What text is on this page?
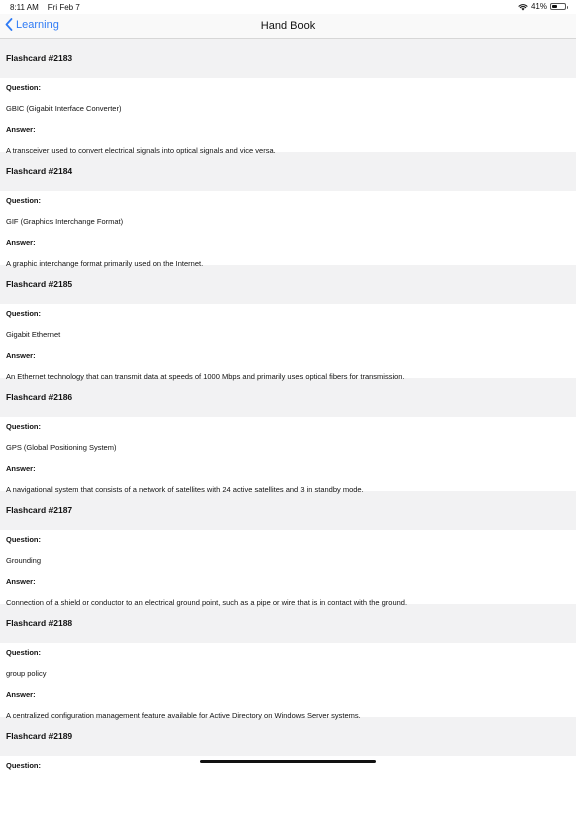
8:11 AM Fri Feb 7	41%
Learning	Hand Book
Flashcard #2183
Question:
GBIC (Gigabit Interface Converter)
Answer:
A transceiver used to convert electrical signals into optical signals and vice versa.
Flashcard #2184
Question:
GIF (Graphics Interchange Format)
Answer:
A graphic interchange format primarily used on the Internet.
Flashcard #2185
Question:
Gigabit Ethernet
Answer:
An Ethernet technology that can transmit data at speeds of 1000 Mbps and primarily uses optical fibers for transmission.
Flashcard #2186
Question:
GPS (Global Positioning System)
Answer:
A navigational system that consists of a network of satellites with 24 active satellites and 3 in standby mode.
Flashcard #2187
Question:
Grounding
Answer:
Connection of a shield or conductor to an electrical ground point, such as a pipe or wire that is in contact with the ground.
Flashcard #2188
Question:
group policy
Answer:
A centralized configuration management feature available for Active Directory on Windows Server systems.
Flashcard #2189
Question:
